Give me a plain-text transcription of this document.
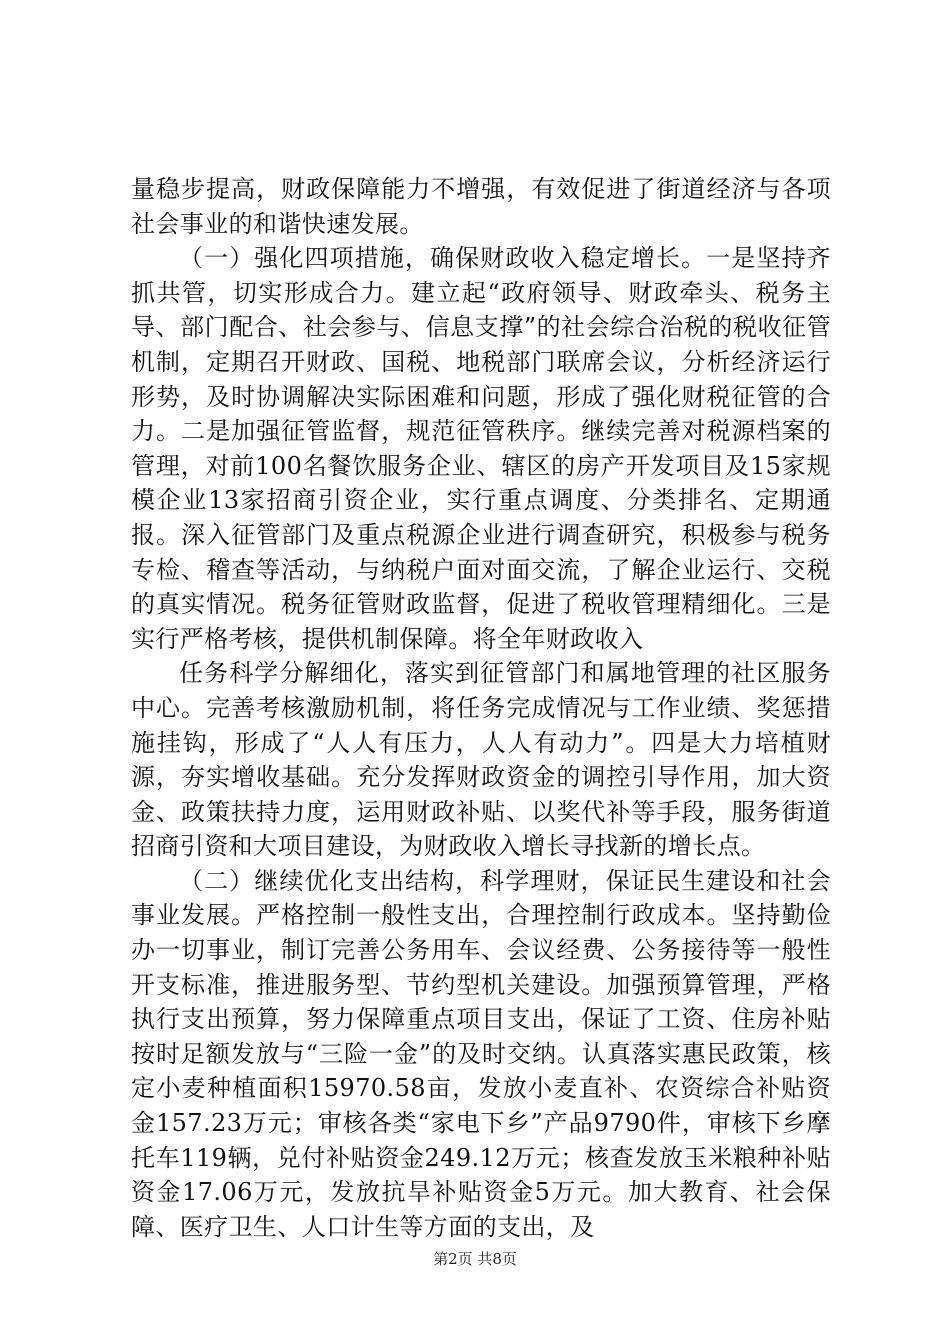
量稳步提高，财政保障能力不增强，有效促进了街道经济与各项社会事业的和谐快速发展。

（一）强化四项措施，确保财政收入稳定增长。一是坚持齐抓共管，切实形成合力。建立起“政府领导、财政牵头、税务主导、部门配合、社会参与、信息支撑”的社会综合治税的税收征管机制，定期召开财政、国税、地税部门联席会议，分析经济运行形势，及时协调解决实际困难和问题，形成了强化财税征管的合力。二是加强征管监督，规范征管秩序。继续完善对税源档案的管理，对前100名餐饮服务企业、辖区的房产开发项目及15家规模企业13家招商引资企业，实行重点调度、分类排名、定期通报。深入征管部门及重点税源企业进行调查研究，积极参与税务专检、稽查等活动，与纳税户面对面交流，了解企业运行、交税的真实情况。税务征管财政监督，促进了税收管理精细化。三是实行严格考核，提供机制保障。将全年财政收入

任务科学分解细化，落实到征管部门和属地管理的社区服务中心。完善考核激励机制，将任务完成情况与工作业绩、奖惩措施挂钩，形成了“人人有压力，人人有动力”。四是大力培植财源，夯实增收基础。充分发挥财政资金的调控引导作用，加大资金、政策扶持力度，运用财政补贴、以奖代补等手段，服务街道招商引资和大项目建设，为财政收入增长寻找新的增长点。

（二）继续优化支出结构，科学理财，保证民生建设和社会事业发展。严格控制一般性支出，合理控制行政成本。坚持勤俭办一切事业，制订完善公务用车、会议经费、公务接待等一般性开支标准，推进服务型、节约型机关建设。加强预算管理，严格执行支出预算，努力保障重点项目支出，保证了工资、住房补贴按时足额发放与“三险一金”的及时交纳。认真落实惠民政策，核定小麦种植面积15970.58亩，发放小麦直补、农资综合补贴资金157.23万元；审核各类“家电下乡”产品9790件，审核下乡摩托车119辆，兑付补贴资金249.12万元；核查发放玉米粮种补贴资金17.06万元，发放抗旱补贴资金5万元。加大教育、社会保障、医疗卫生、人口计生等方面的支出，及

第2页 共8页
